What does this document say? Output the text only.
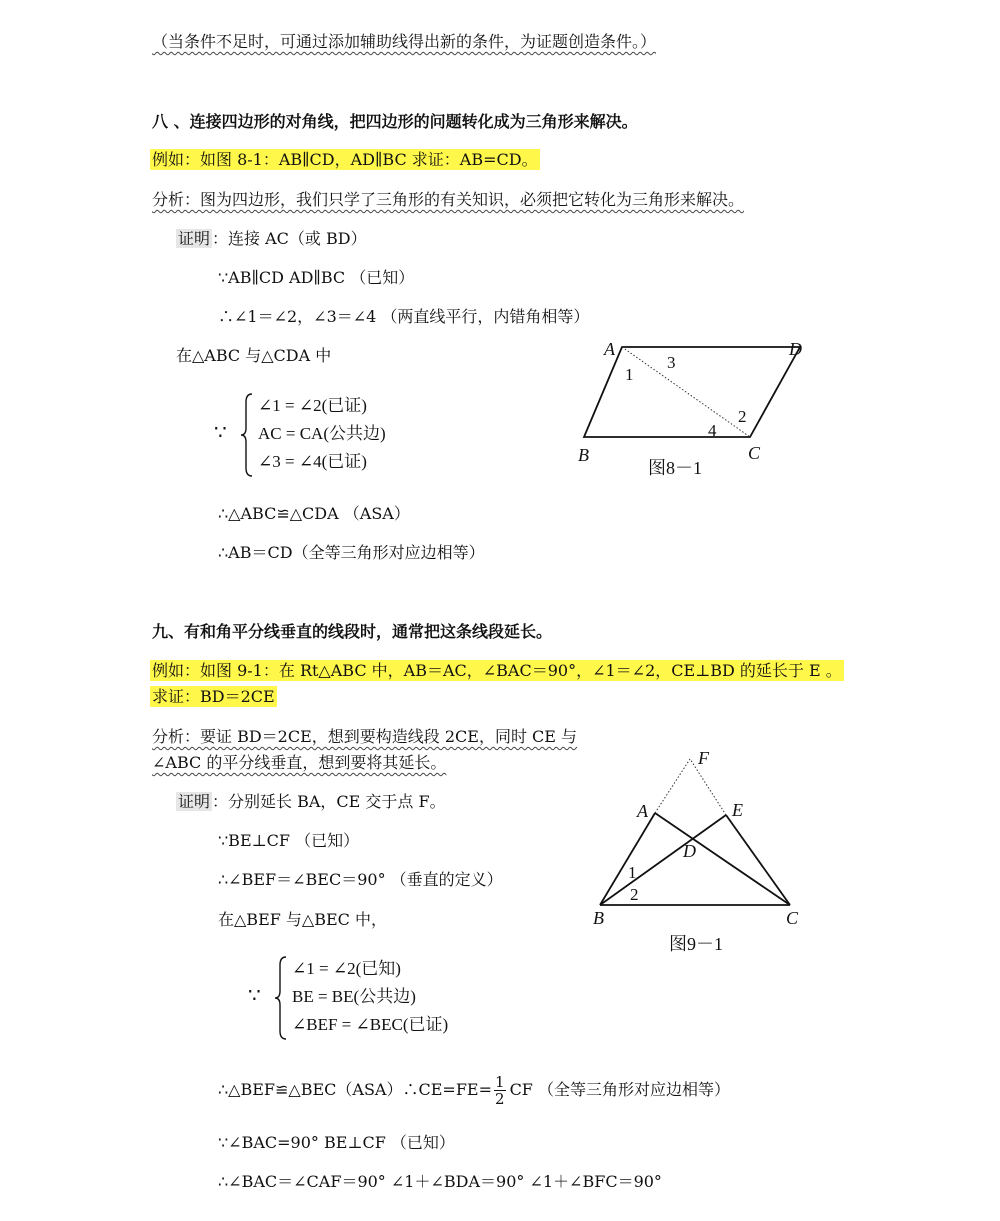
（当条件不足时，可通过添加辅助线得出新的条件，为证题创造条件。）
八 、连接四边形的对角线，把四边形的问题转化成为三角形来解决。
例如：如图 8-1：AB∥CD，AD∥BC 求证：AB=CD。
分析：图为四边形，我们只学了三角形的有关知识，必须把它转化为三角形来解决。
证明 ：连接 AC（或 BD）
∵AB∥CD AD∥BC （已知）
∴∠1＝∠2，∠3＝∠4 （两直线平行，内错角相等）
在△ABC 与△CDA 中
∵
∠1 = ∠2(已证)
AC = CA(公共边)
∠3 = ∠4(已证)
∴△ABC≌△CDA （ASA）
∴AB＝CD（全等三角形对应边相等）
A	D
B	C
1
3
2
4
图8－1
九、有和角平分线垂直的线段时，通常把这条线段延长。
例如：如图 9-1：在 Rt△ABC 中，AB＝AC，∠BAC＝90°，∠1＝∠2，CE⊥BD 的延长于 E 。
求证：BD＝2CE
分析：要证 BD＝2CE，想到要构造线段 2CE，同时 CE 与
∠ABC 的平分线垂直，想到要将其延长。
证明 ：分别延长 BA，CE 交于点 F。
∵BE⊥CF （已知）
∴∠BEF＝∠BEC＝90° （垂直的定义）
在△BEF 与△BEC 中，
∵
∠1 = ∠2(已知)
BE = BE(公共边)
∠BEF = ∠BEC(已证)
∴△BEF≌△BEC（ASA）∴CE=FE= $\frac{1}{2}$ CF （全等三角形对应边相等）
∵∠BAC=90° BE⊥CF （已知）
∴∠BAC＝∠CAF＝90° ∠1＋∠BDA＝90° ∠1＋∠BFC＝90°
F
A	E
D
B	C
1
2
图9－1
